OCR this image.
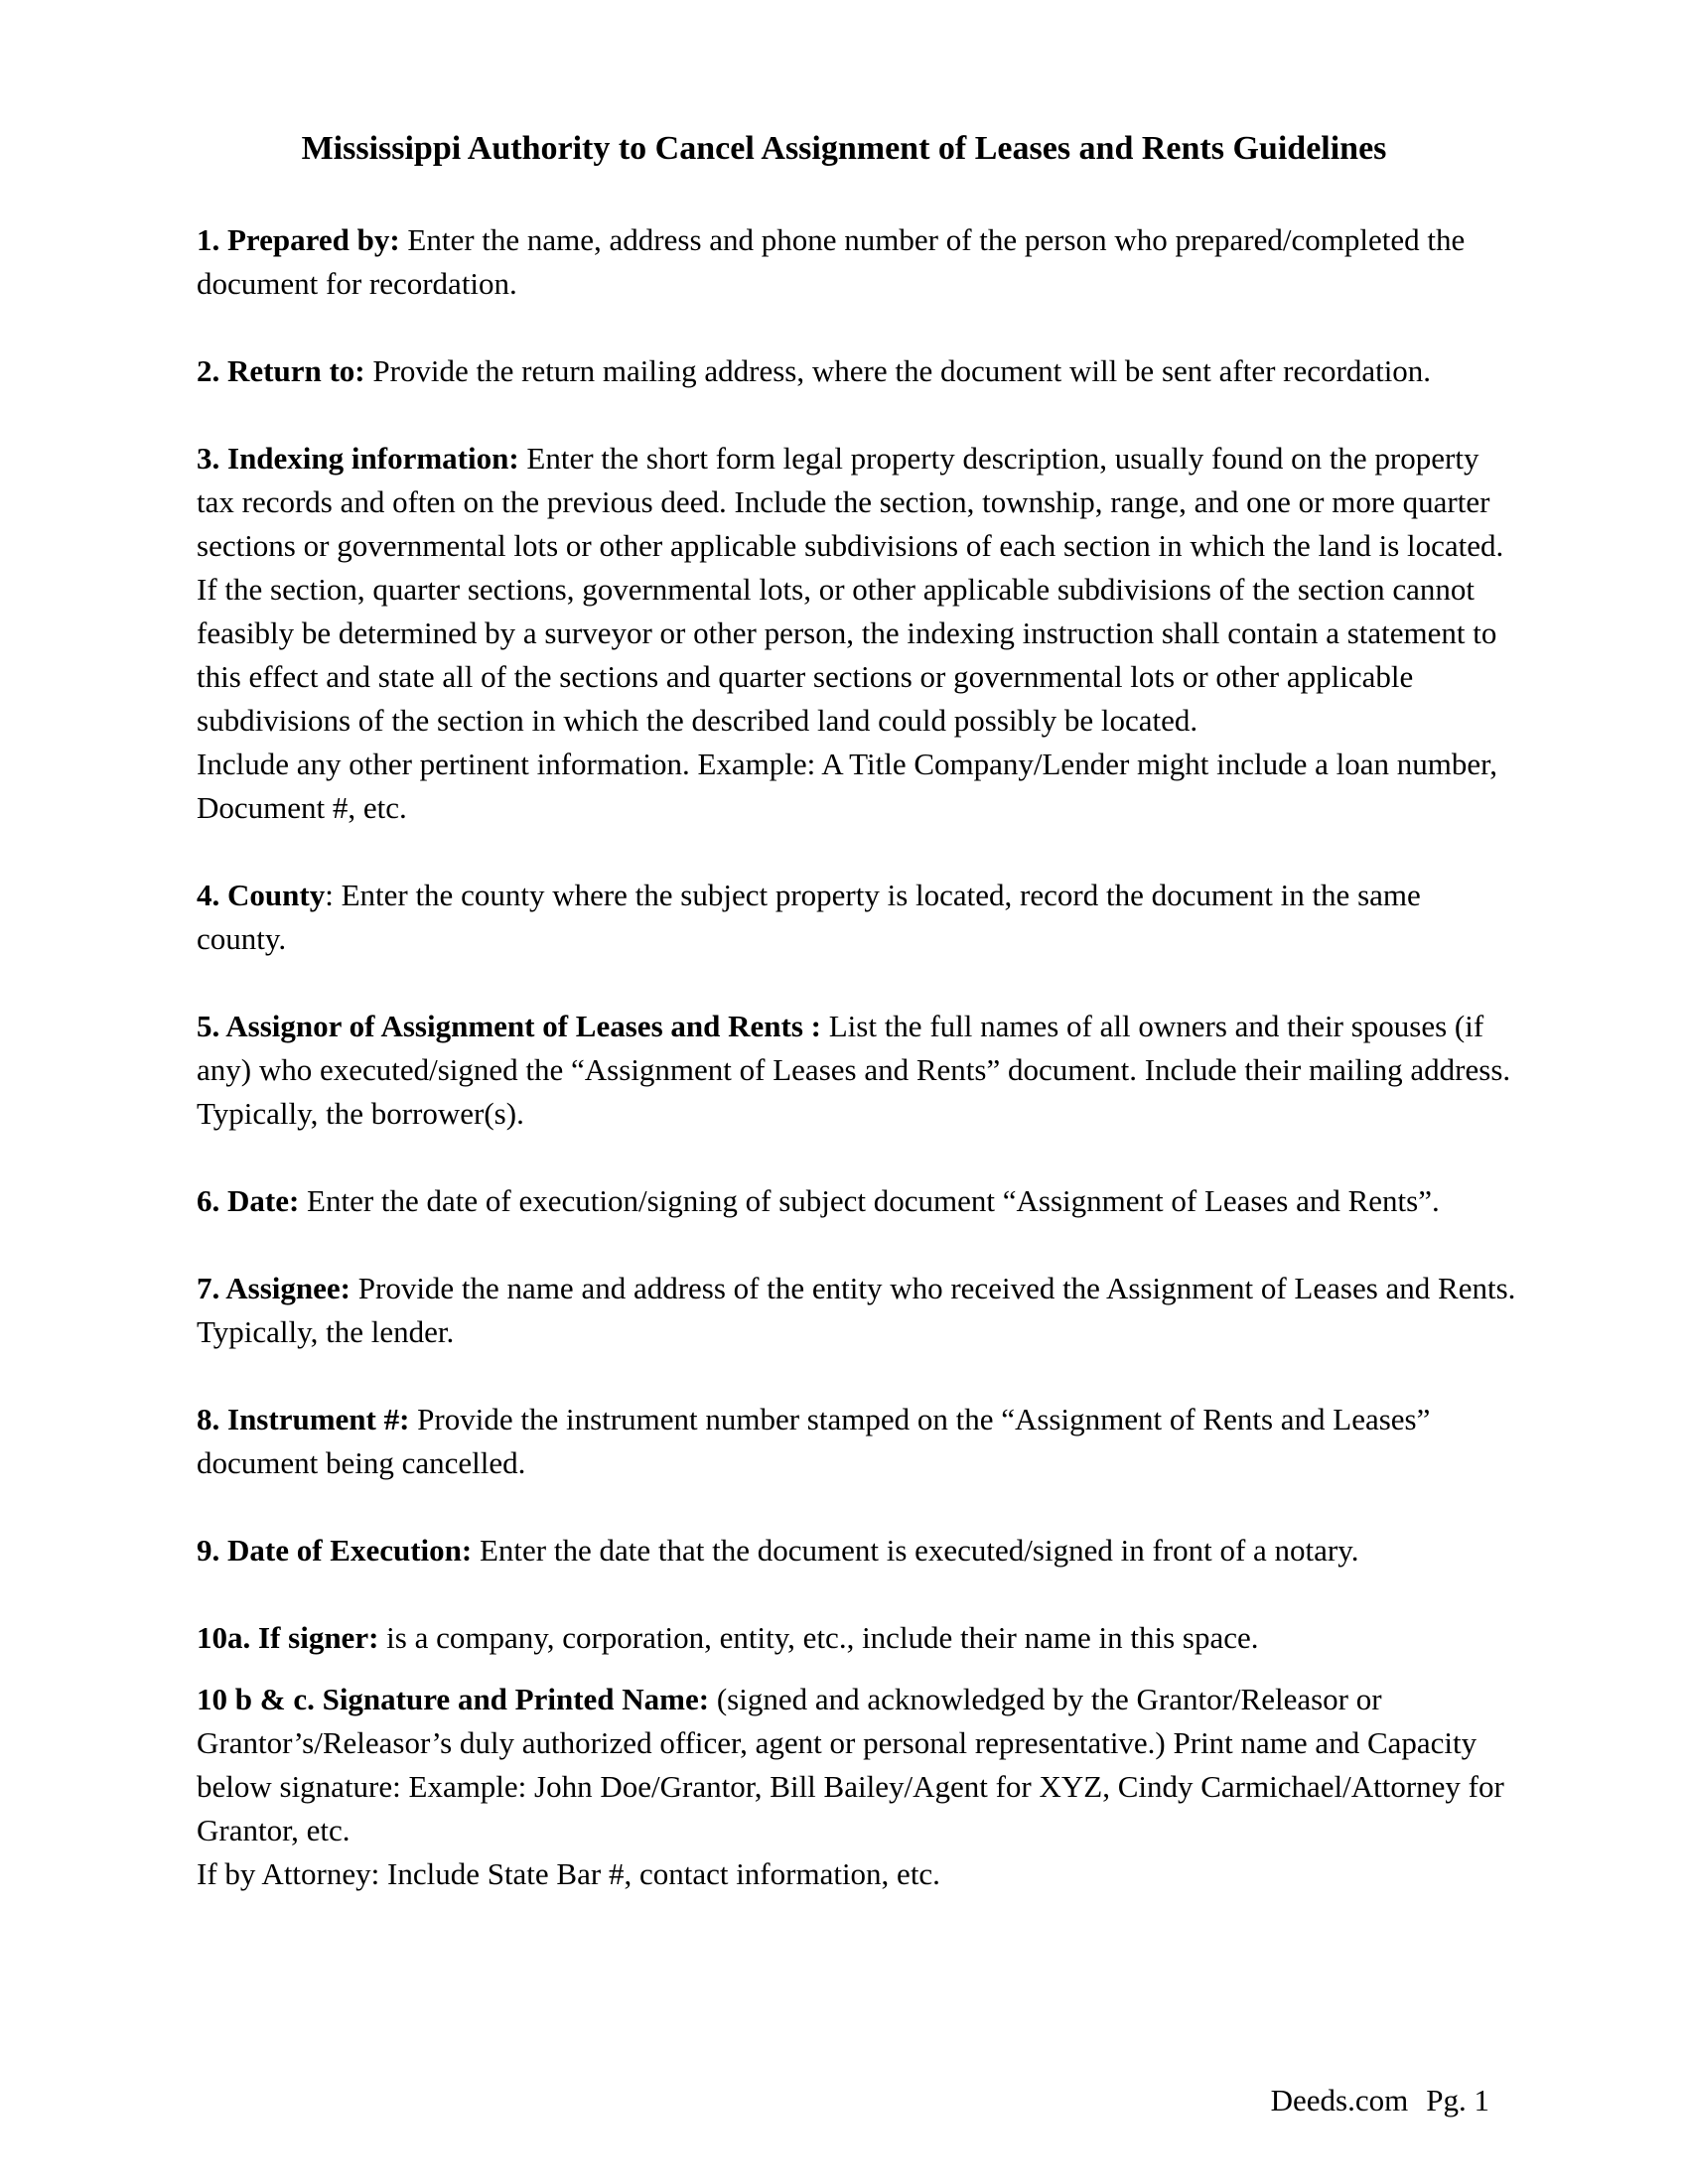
Mississippi Authority to Cancel Assignment of Leases and Rents Guidelines

1. Prepared by: Enter the name, address and phone number of the person who prepared/completed the document for recordation.

2. Return to: Provide the return mailing address, where the document will be sent after recordation.

3. Indexing information: Enter the short form legal property description, usually found on the property tax records and often on the previous deed. Include the section, township, range, and one or more quarter sections or governmental lots or other applicable subdivisions of each section in which the land is located. If the section, quarter sections, governmental lots, or other applicable subdivisions of the section cannot feasibly be determined by a surveyor or other person, the indexing instruction shall contain a statement to this effect and state all of the sections and quarter sections or governmental lots or other applicable subdivisions of the section in which the described land could possibly be located.

Include any other pertinent information. Example: A Title Company/Lender might include a loan number, Document #, etc.

4. County: Enter the county where the subject property is located, record the document in the same county.

5. Assignor of Assignment of Leases and Rents : List the full names of all owners and their spouses (if any) who executed/signed the “Assignment of Leases and Rents” document. Include their mailing address. Typically, the borrower(s).

6. Date: Enter the date of execution/signing of subject document “Assignment of Leases and Rents”.

7. Assignee: Provide the name and address of the entity who received the Assignment of Leases and Rents. Typically, the lender.

8. Instrument #: Provide the instrument number stamped on the “Assignment of Rents and Leases” document being cancelled.

9. Date of Execution: Enter the date that the document is executed/signed in front of a notary.

10a. If signer: is a company, corporation, entity, etc., include their name in this space.

10 b & c. Signature and Printed Name: (signed and acknowledged by the Grantor/Releasor or Grantor’s/Releasor’s duly authorized officer, agent or personal representative.) Print name and Capacity below signature: Example: John Doe/Grantor, Bill Bailey/Agent for XYZ, Cindy Carmichael/Attorney for Grantor, etc.

If by Attorney: Include State Bar #, contact information, etc.

Deeds.com Pg. 1
